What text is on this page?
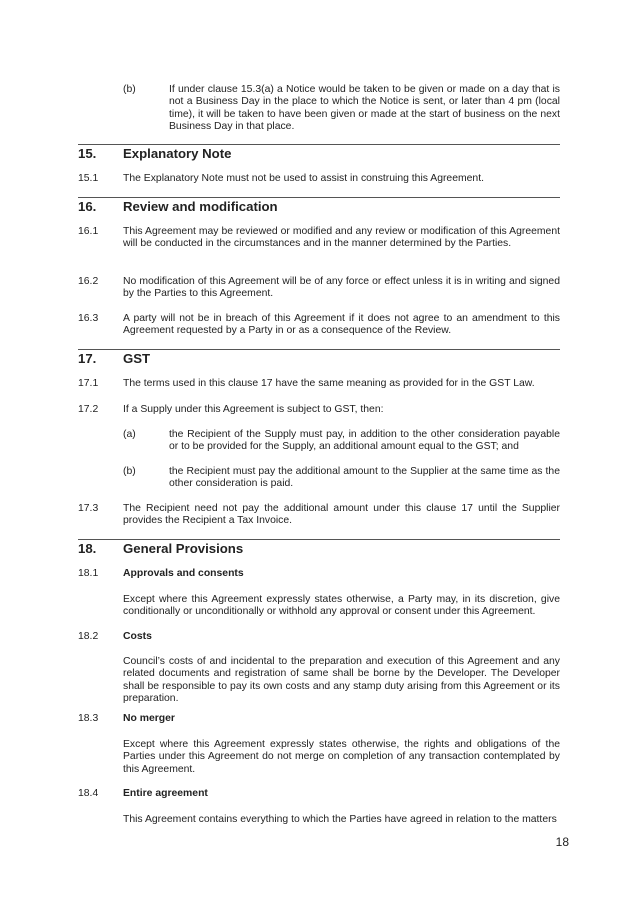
(b)	If under clause 15.3(a) a Notice would be taken to be given or made on a day that is not a Business Day in the place to which the Notice is sent, or later than 4 pm (local time), it will be taken to have been given or made at the start of business on the next Business Day in that place.
15. Explanatory Note
15.1 The Explanatory Note must not be used to assist in construing this Agreement.
16. Review and modification
16.1 This Agreement may be reviewed or modified and any review or modification of this Agreement will be conducted in the circumstances and in the manner determined by the Parties.
16.2 No modification of this Agreement will be of any force or effect unless it is in writing and signed by the Parties to this Agreement.
16.3 A party will not be in breach of this Agreement if it does not agree to an amendment to this Agreement requested by a Party in or as a consequence of the Review.
17. GST
17.1 The terms used in this clause 17 have the same meaning as provided for in the GST Law.
17.2 If a Supply under this Agreement is subject to GST, then:
(a)	the Recipient of the Supply must pay, in addition to the other consideration payable or to be provided for the Supply, an additional amount equal to the GST; and
(b)	the Recipient must pay the additional amount to the Supplier at the same time as the other consideration is paid.
17.3 The Recipient need not pay the additional amount under this clause 17 until the Supplier provides the Recipient a Tax Invoice.
18. General Provisions
18.1 Approvals and consents
Except where this Agreement expressly states otherwise, a Party may, in its discretion, give conditionally or unconditionally or withhold any approval or consent under this Agreement.
18.2 Costs
Council’s costs of and incidental to the preparation and execution of this Agreement and any related documents and registration of same shall be borne by the Developer. The Developer shall be responsible to pay its own costs and any stamp duty arising from this Agreement or its preparation.
18.3 No merger
Except where this Agreement expressly states otherwise, the rights and obligations of the Parties under this Agreement do not merge on completion of any transaction contemplated by this Agreement.
18.4 Entire agreement
This Agreement contains everything to which the Parties have agreed in relation to the matters
18
